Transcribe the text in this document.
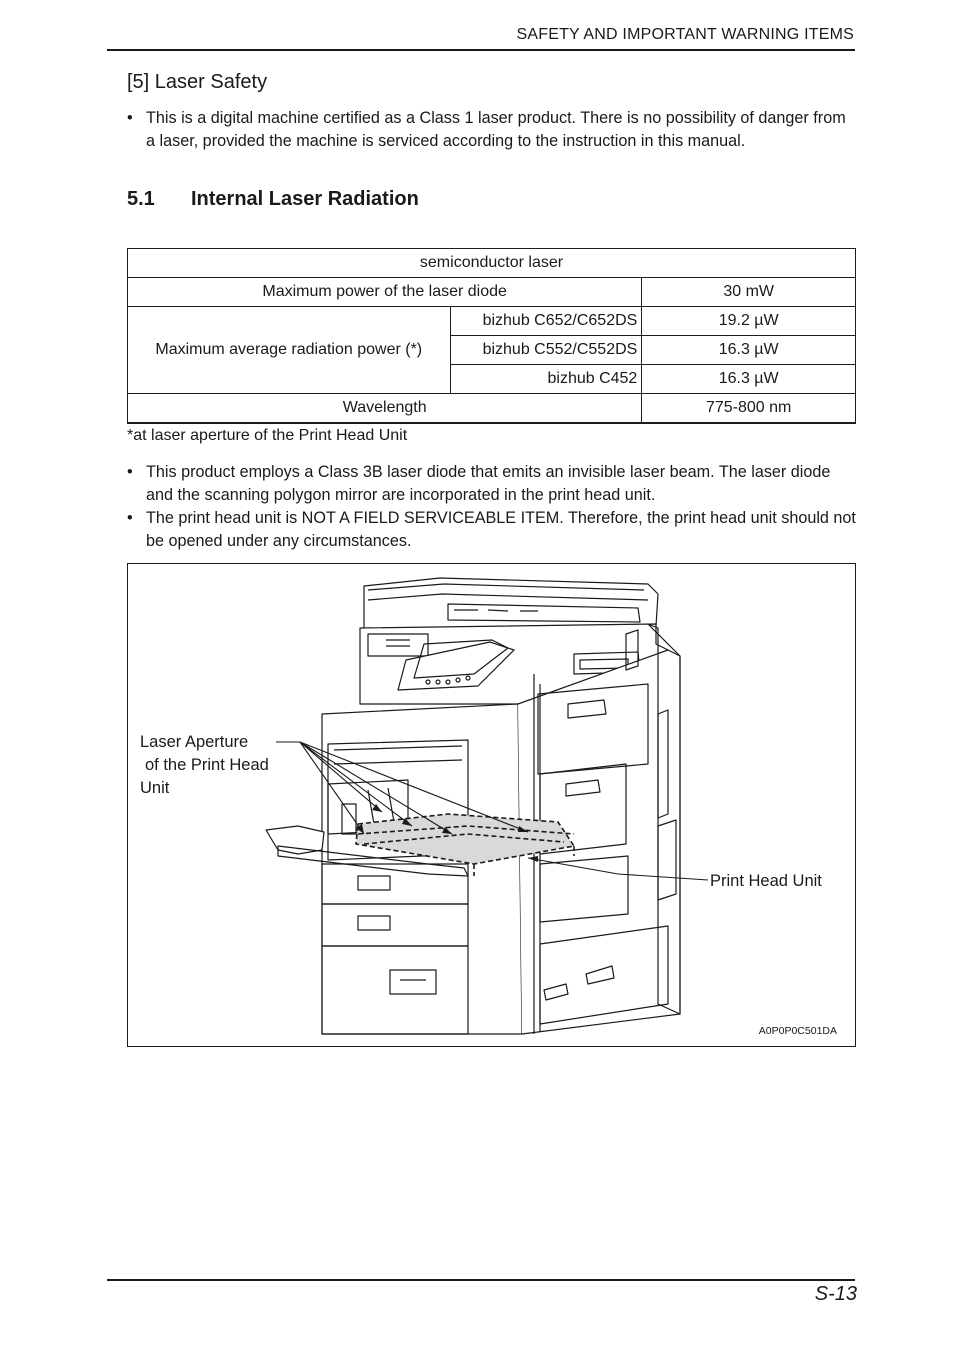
SAFETY AND IMPORTANT WARNING ITEMS
[5] Laser Safety
• This is a digital machine certified as a Class 1 laser product. There is no possibility of danger from a laser, provided the machine is serviced according to the instruction in this manual.
5.1 Internal Laser Radiation
semiconductor laser		
Maximum power of the laser diode		30 mW
Maximum average radiation power (*)	bizhub C652/C652DS	19.2 µW
	bizhub C552/C552DS	16.3 µW
	bizhub C452	16.3 µW
Wavelength		775-800 nm
*at laser aperture of the Print Head Unit
• This product employs a Class 3B laser diode that emits an invisible laser beam. The laser diode and the scanning polygon mirror are incorporated in the print head unit.
• The print head unit is NOT A FIELD SERVICEABLE ITEM. Therefore, the print head unit should not be opened under any circumstances.
Laser Aperture
of the Print Head
Unit
Print Head Unit
A0P0P0C501DA
S-13
